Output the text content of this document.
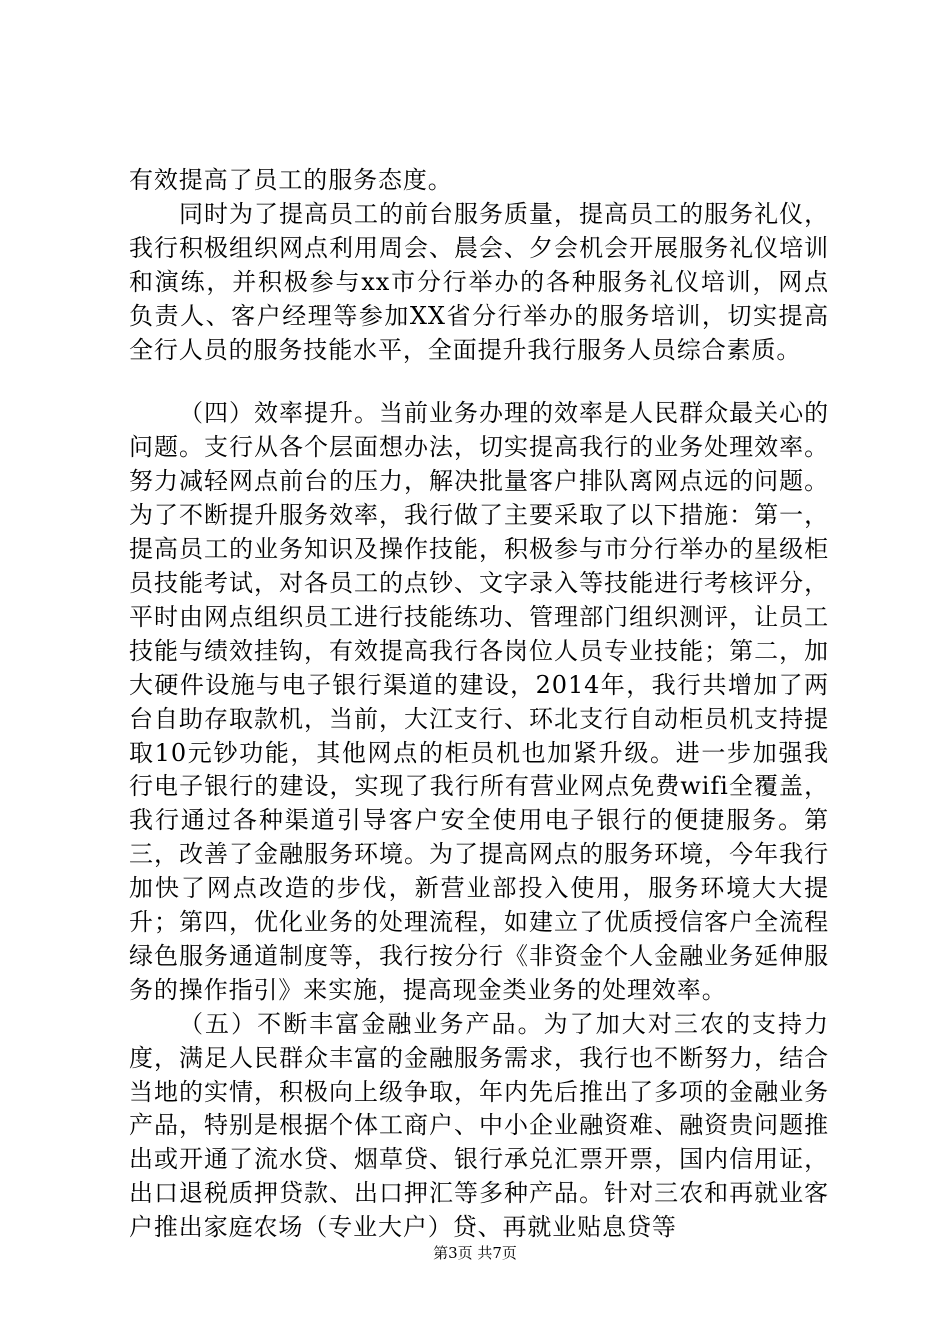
有效提高了员工的服务态度。

同时为了提高员工的前台服务质量，提高员工的服务礼仪，我行积极组织网点利用周会、晨会、夕会机会开展服务礼仪培训和演练，并积极参与xx市分行举办的各种服务礼仪培训，网点负责人、客户经理等参加XX省分行举办的服务培训，切实提高全行人员的服务技能水平，全面提升我行服务人员综合素质。

（四）效率提升。当前业务办理的效率是人民群众最关心的问题。支行从各个层面想办法，切实提高我行的业务处理效率。努力减轻网点前台的压力，解决批量客户排队离网点远的问题。为了不断提升服务效率，我行做了主要采取了以下措施：第一，提高员工的业务知识及操作技能，积极参与市分行举办的星级柜员技能考试，对各员工的点钞、文字录入等技能进行考核评分，平时由网点组织员工进行技能练功、管理部门组织测评，让员工技能与绩效挂钩，有效提高我行各岗位人员专业技能；第二，加大硬件设施与电子银行渠道的建设，2014年，我行共增加了两台自助存取款机，当前，大江支行、环北支行自动柜员机支持提取10元钞功能，其他网点的柜员机也加紧升级。进一步加强我行电子银行的建设，实现了我行所有营业网点免费wifi全覆盖，我行通过各种渠道引导客户安全使用电子银行的便捷服务。第三，改善了金融服务环境。为了提高网点的服务环境，今年我行加快了网点改造的步伐，新营业部投入使用，服务环境大大提升；第四，优化业务的处理流程，如建立了优质授信客户全流程绿色服务通道制度等，我行按分行《非资金个人金融业务延伸服务的操作指引》来实施，提高现金类业务的处理效率。

（五）不断丰富金融业务产品。为了加大对三农的支持力度，满足人民群众丰富的金融服务需求，我行也不断努力，结合当地的实情，积极向上级争取，年内先后推出了多项的金融业务产品，特别是根据个体工商户、中小企业融资难、融资贵问题推出或开通了流水贷、烟草贷、银行承兑汇票开票，国内信用证，出口退税质押贷款、出口押汇等多种产品。针对三农和再就业客户推出家庭农场（专业大户）贷、再就业贴息贷等

第3页 共7页
